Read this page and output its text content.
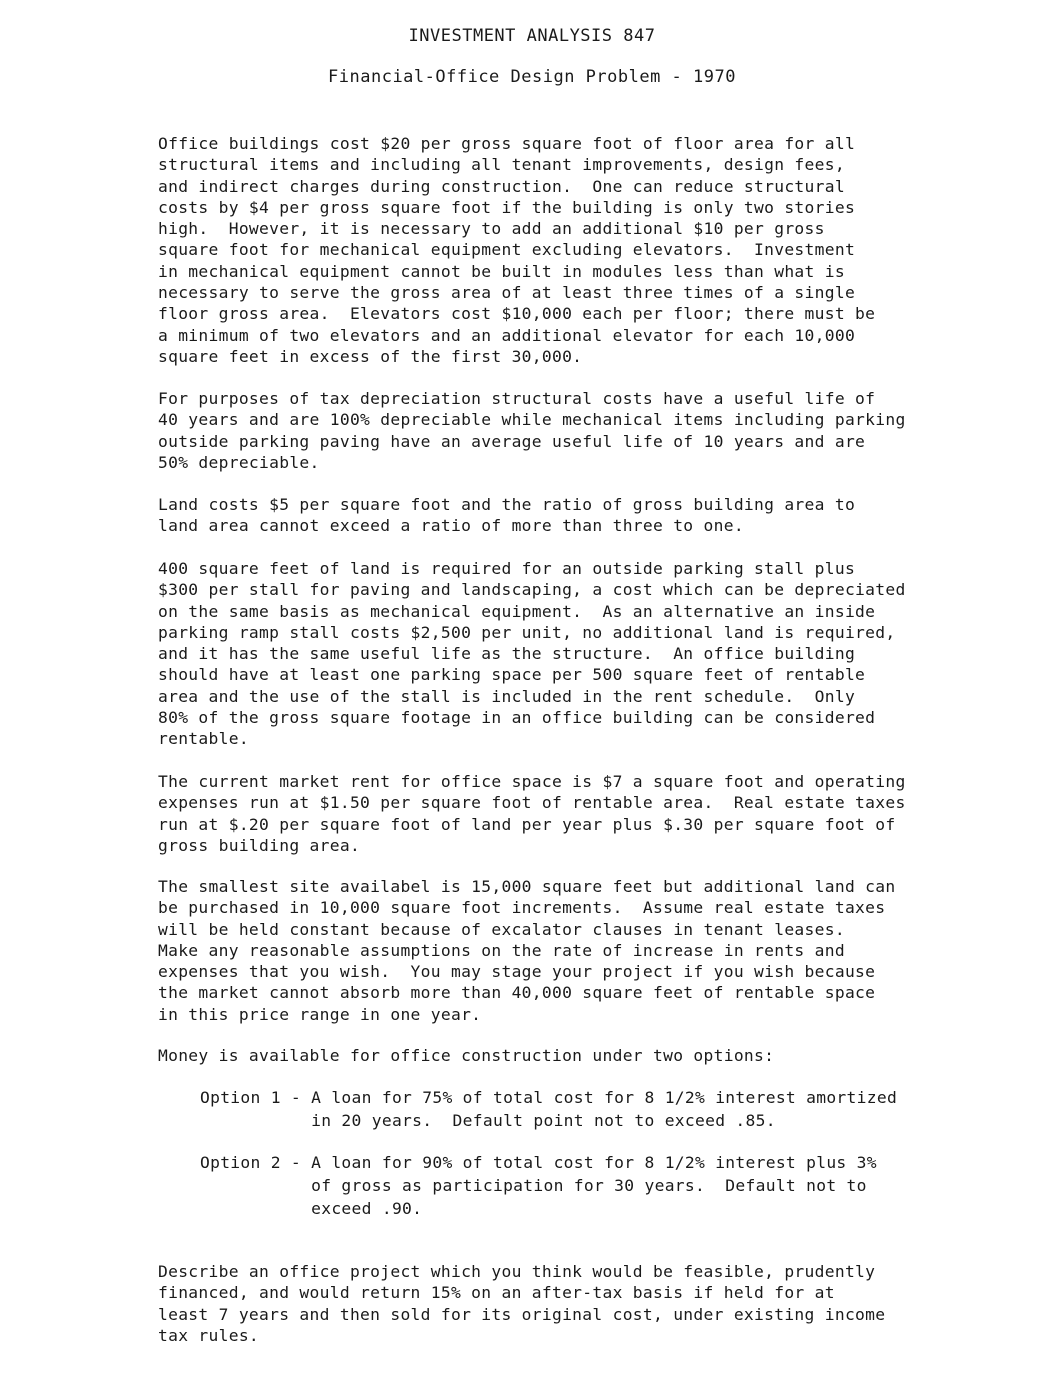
INVESTMENT ANALYSIS 847
Financial-Office Design Problem - 1970
Office buildings cost $20 per gross square foot of floor area for all
structural items and including all tenant improvements, design fees,
and indirect charges during construction.  One can reduce structural
costs by $4 per gross square foot if the building is only two stories
high.  However, it is necessary to add an additional $10 per gross
square foot for mechanical equipment excluding elevators.  Investment
in mechanical equipment cannot be built in modules less than what is
necessary to serve the gross area of at least three times of a single
floor gross area.  Elevators cost $10,000 each per floor; there must be
a minimum of two elevators and an additional elevator for each 10,000
square feet in excess of the first 30,000.
For purposes of tax depreciation structural costs have a useful life of
40 years and are 100% depreciable while mechanical items including parking
outside parking paving have an average useful life of 10 years and are
50% depreciable.
Land costs $5 per square foot and the ratio of gross building area to
land area cannot exceed a ratio of more than three to one.
400 square feet of land is required for an outside parking stall plus
$300 per stall for paving and landscaping, a cost which can be depreciated
on the same basis as mechanical equipment.  As an alternative an inside
parking ramp stall costs $2,500 per unit, no additional land is required,
and it has the same useful life as the structure.  An office building
should have at least one parking space per 500 square feet of rentable
area and the use of the stall is included in the rent schedule.  Only
80% of the gross square footage in an office building can be considered
rentable.
The current market rent for office space is $7 a square foot and operating
expenses run at $1.50 per square foot of rentable area.  Real estate taxes
run at $.20 per square foot of land per year plus $.30 per square foot of
gross building area.
The smallest site availabel is 15,000 square feet but additional land can
be purchased in 10,000 square foot increments.  Assume real estate taxes
will be held constant because of excalator clauses in tenant leases.
Make any reasonable assumptions on the rate of increase in rents and
expenses that you wish.  You may stage your project if you wish because
the market cannot absorb more than 40,000 square feet of rentable space
in this price range in one year.
Money is available for office construction under two options:
Option 1 - A loan for 75% of total cost for 8 1/2% interest amortized
in 20 years.  Default point not to exceed .85.
Option 2 - A loan for 90% of total cost for 8 1/2% interest plus 3%
of gross as participation for 30 years.  Default not to
exceed .90.
Describe an office project which you think would be feasible, prudently
financed, and would return 15% on an after-tax basis if held for at
least 7 years and then sold for its original cost, under existing income
tax rules.
